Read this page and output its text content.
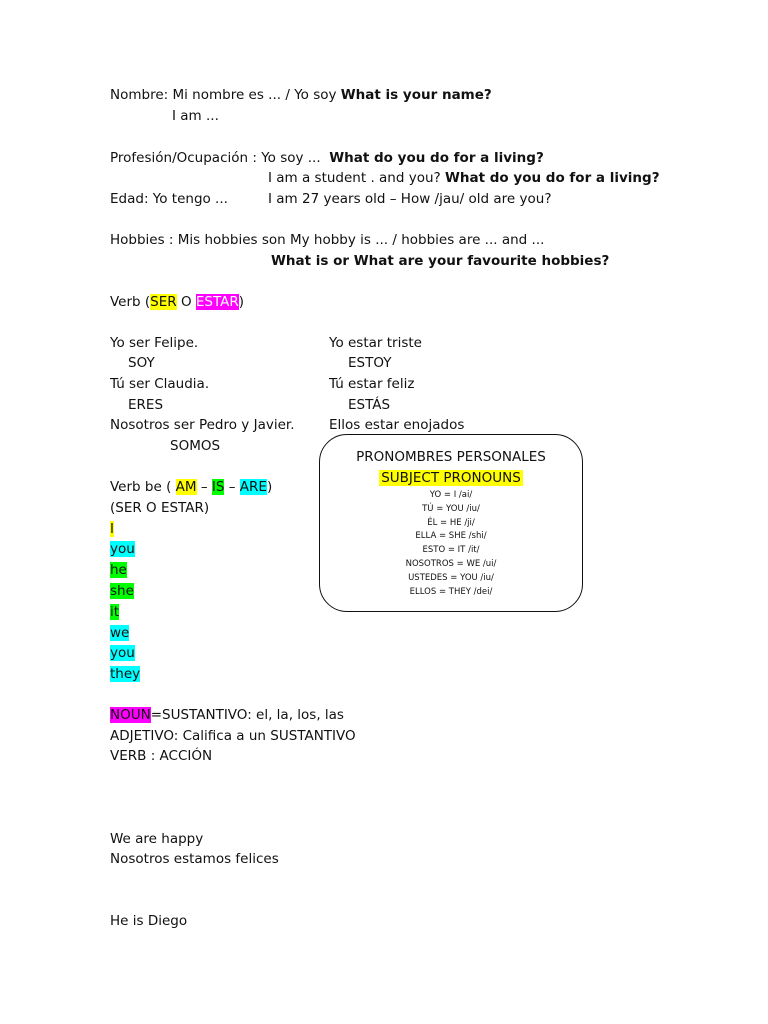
Nombre: Mi nombre es ... / Yo soy What is your name?
I am ...
Profesión/Ocupación : Yo soy ... What do you do for a living?
I am a student . and you? What do you do for a living?
Edad: Yo tengo ...	I am 27 years old – How /jau/ old are you?
Hobbies : Mis hobbies son My hobby is ... / hobbies are ... and ...
What is or What are your favourite hobbies?
Verb (SER O ESTAR)
Yo ser Felipe.
SOY
Tú ser Claudia.
ERES
Nosotros ser Pedro y Javier.
SOMOS
Yo estar triste
ESTOY
Tú estar feliz
ESTÁS
Ellos estar enojados
Verb be ( AM – IS – ARE)
(SER O ESTAR)
I
you
he
she
it
we
you
they
PRONOMBRES PERSONALES
SUBJECT PRONOUNS
YO = I /ai/
TÚ = YOU /iu/
ÉL = HE /ji/
ELLA = SHE /shi/
ESTO = IT /it/
NOSOTROS = WE /ui/
USTEDES = YOU /iu/
ELLOS = THEY /dei/
NOUN=SUSTANTIVO: el, la, los, las
ADJETIVO: Califica a un SUSTANTIVO
VERB : ACCIÓN
We are happy
Nosotros estamos felices
He is Diego
